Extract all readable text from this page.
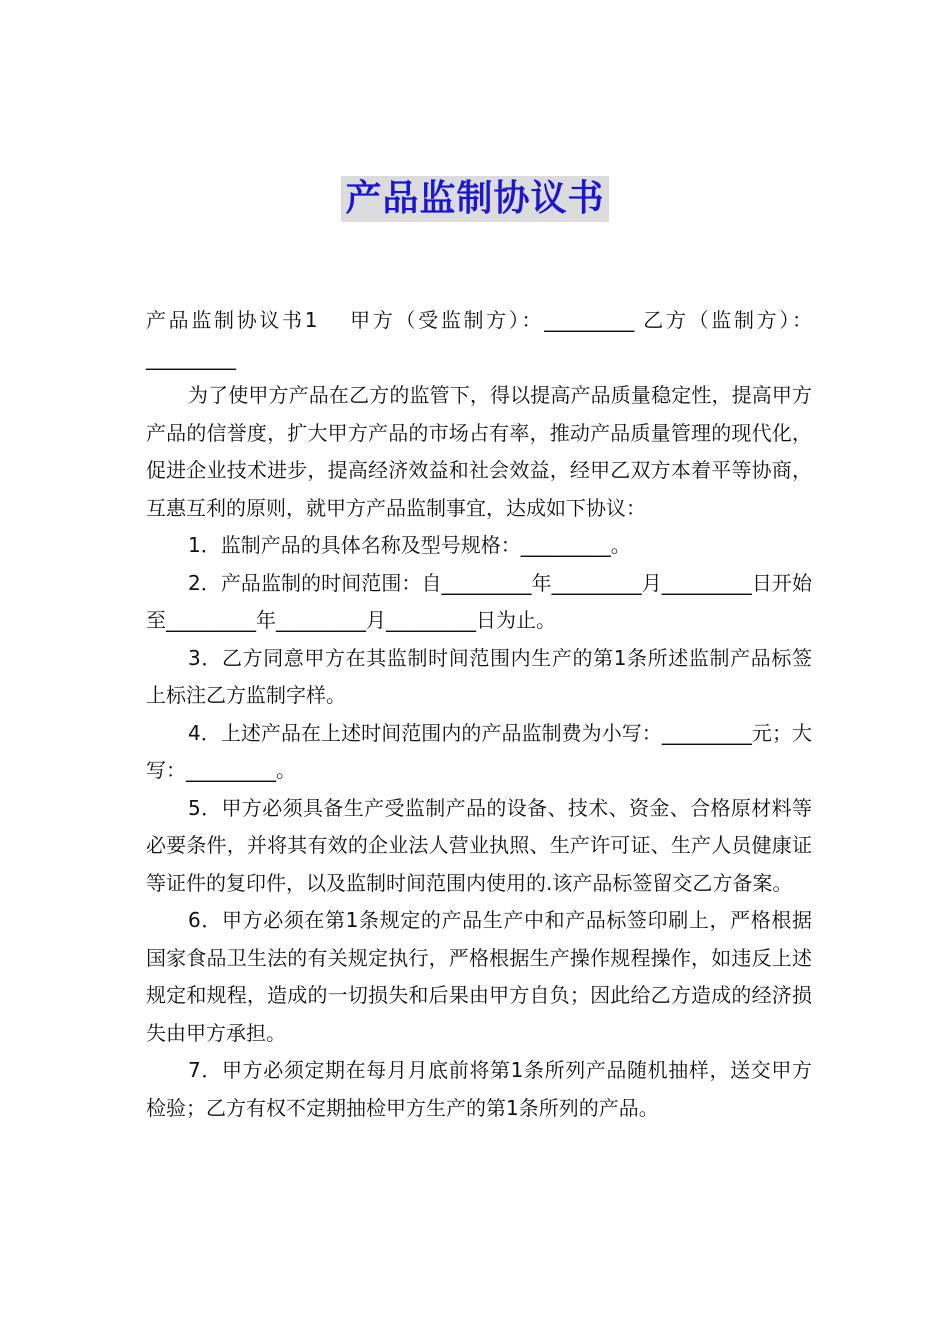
产品监制协议书

产品监制协议书1 甲方（受监制方）：_________ 乙方（监制方）：_________

为了使甲方产品在乙方的监管下，得以提高产品质量稳定性，提高甲方产品的信誉度，扩大甲方产品的市场占有率，推动产品质量管理的现代化，促进企业技术进步，提高经济效益和社会效益，经甲乙双方本着平等协商，互惠互利的原则，就甲方产品监制事宜，达成如下协议：

1．监制产品的具体名称及型号规格：_________。

2．产品监制的时间范围：自_________年_________月_________日开始至_________年_________月_________日为止。

3．乙方同意甲方在其监制时间范围内生产的第1条所述监制产品标签上标注乙方监制字样。

4．上述产品在上述时间范围内的产品监制费为小写：_________元；大写：_________。

5．甲方必须具备生产受监制产品的设备、技术、资金、合格原材料等必要条件，并将其有效的企业法人营业执照、生产许可证、生产人员健康证等证件的复印件，以及监制时间范围内使用的.该产品标签留交乙方备案。

6．甲方必须在第1条规定的产品生产中和产品标签印刷上，严格根据国家食品卫生法的有关规定执行，严格根据生产操作规程操作，如违反上述规定和规程，造成的一切损失和后果由甲方自负；因此给乙方造成的经济损失由甲方承担。

7．甲方必须定期在每月月底前将第1条所列产品随机抽样，送交甲方检验；乙方有权不定期抽检甲方生产的第1条所列的产品。
